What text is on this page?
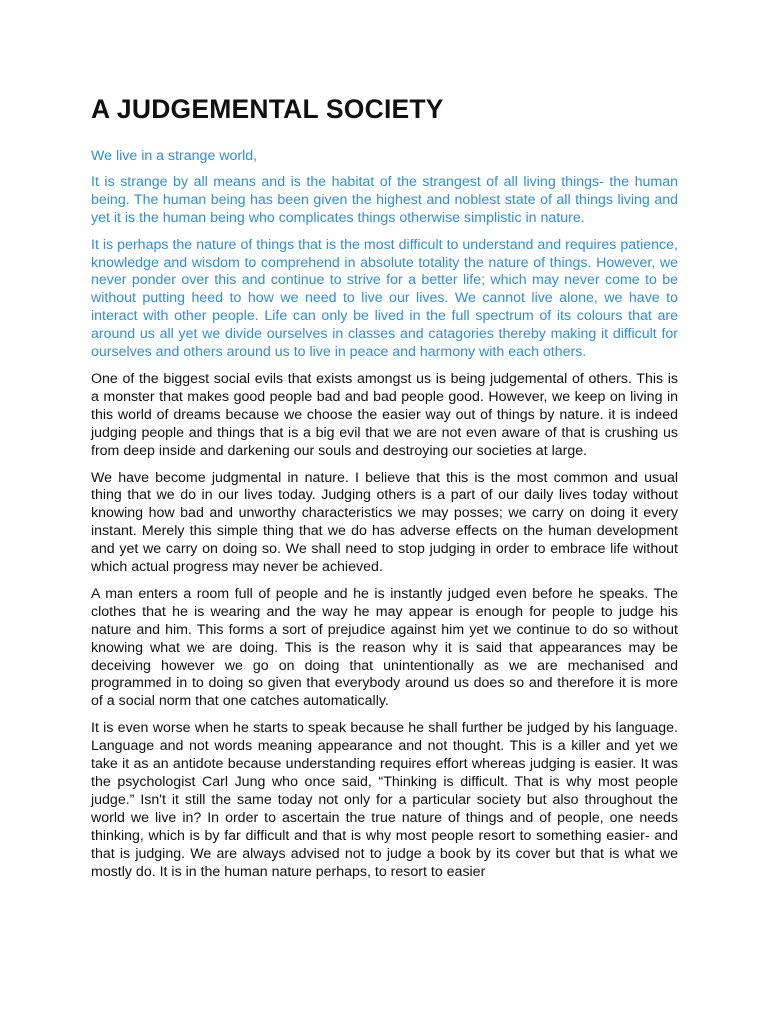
A JUDGEMENTAL SOCIETY

We live in a strange world,

It is strange by all means and is the habitat of the strangest of all living things- the human being. The human being has been given the highest and noblest state of all things living and yet it is the human being who complicates things otherwise simplistic in nature.

It is perhaps the nature of things that is the most difficult to understand and requires patience, knowledge and wisdom to comprehend in absolute totality the nature of things. However, we never ponder over this and continue to strive for a better life; which may never come to be without putting heed to how we need to live our lives. We cannot live alone, we have to interact with other people. Life can only be lived in the full spectrum of its colours that are around us all yet we divide ourselves in classes and catagories thereby making it difficult for ourselves and others around us to live in peace and harmony with each others.

One of the biggest social evils that exists amongst us is being judgemental of others. This is a monster that makes good people bad and bad people good. However, we keep on living in this world of dreams because we choose the easier way out of things by nature. it is indeed judging people and things that is a big evil that we are not even aware of that is crushing us from deep inside and darkening our souls and destroying our societies at large.

We have become judgmental in nature. I believe that this is the most common and usual thing that we do in our lives today. Judging others is a part of our daily lives today without knowing how bad and unworthy characteristics we may posses; we carry on doing it every instant. Merely this simple thing that we do has adverse effects on the human development and yet we carry on doing so. We shall need to stop judging in order to embrace life without which actual progress may never be achieved.

A man enters a room full of people and he is instantly judged even before he speaks. The clothes that he is wearing and the way he may appear is enough for people to judge his nature and him. This forms a sort of prejudice against him yet we continue to do so without knowing what we are doing. This is the reason why it is said that appearances may be deceiving however we go on doing that unintentionally as we are mechanised and programmed in to doing so given that everybody around us does so and therefore it is more of a social norm that one catches automatically.

It is even worse when he starts to speak because he shall further be judged by his language. Language and not words meaning appearance and not thought. This is a killer and yet we take it as an antidote because understanding requires effort whereas judging is easier. It was the psychologist Carl Jung who once said, “Thinking is difficult. That is why most people judge.” Isn't it still the same today not only for a particular society but also throughout the world we live in? In order to ascertain the true nature of things and of people, one needs thinking, which is by far difficult and that is why most people resort to something easier- and that is judging. We are always advised not to judge a book by its cover but that is what we mostly do. It is in the human nature perhaps, to resort to easier
